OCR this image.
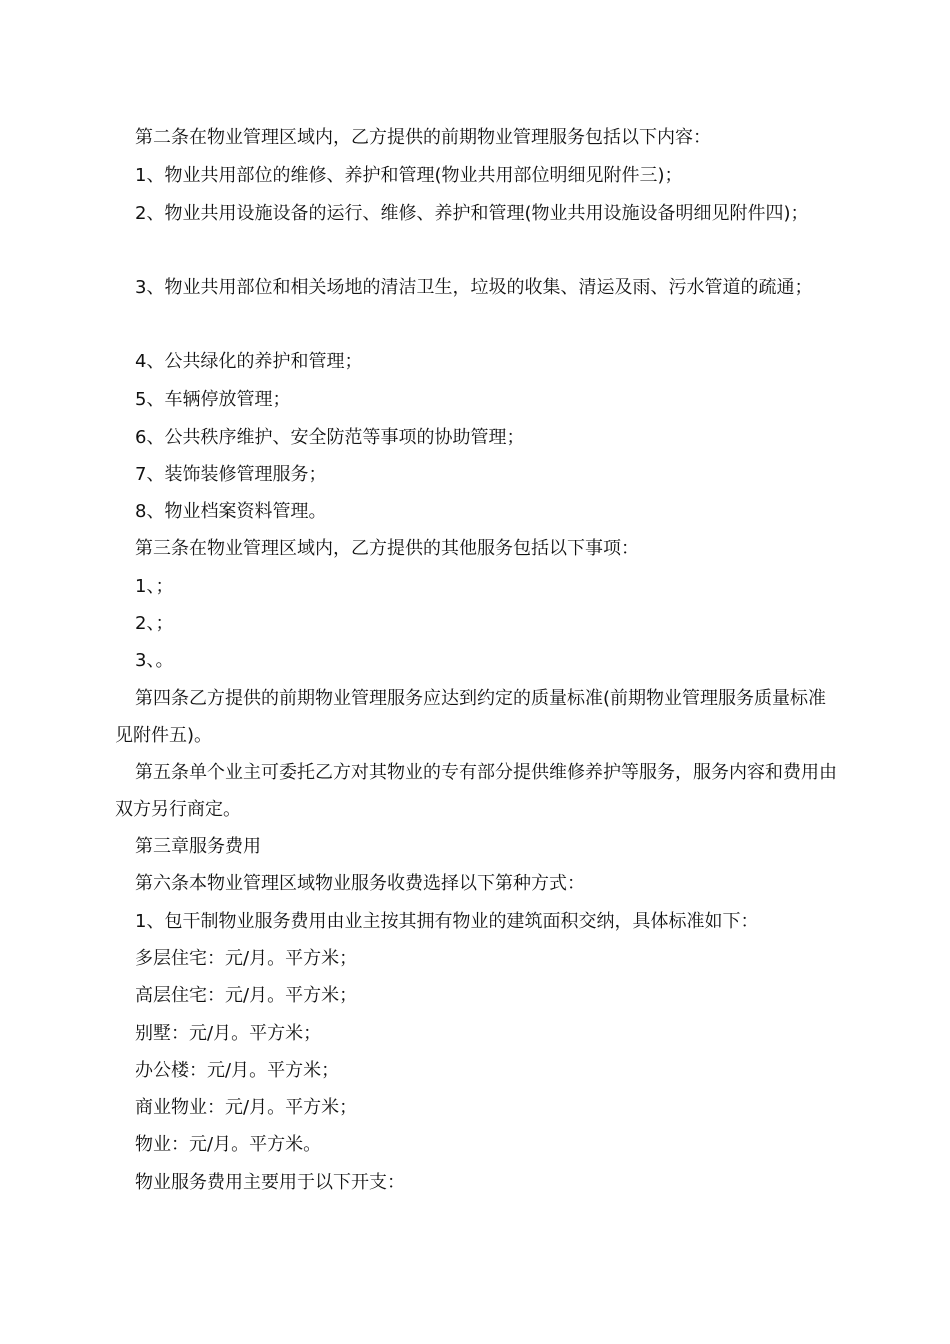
第二条在物业管理区域内，乙方提供的前期物业管理服务包括以下内容：
1、物业共用部位的维修、养护和管理(物业共用部位明细见附件三)；
2、物业共用设施设备的运行、维修、养护和管理(物业共用设施设备明细见附件四)；
3、物业共用部位和相关场地的清洁卫生，垃圾的收集、清运及雨、污水管道的疏通；
4、公共绿化的养护和管理；
5、车辆停放管理；
6、公共秩序维护、安全防范等事项的协助管理；
7、装饰装修管理服务；
8、物业档案资料管理。
第三条在物业管理区域内，乙方提供的其他服务包括以下事项：
1、；
2、；
3、。
第四条乙方提供的前期物业管理服务应达到约定的质量标准(前期物业管理服务质量标准见附件五)。
第五条单个业主可委托乙方对其物业的专有部分提供维修养护等服务，服务内容和费用由双方另行商定。
第三章服务费用
第六条本物业管理区域物业服务收费选择以下第种方式：
1、包干制物业服务费用由业主按其拥有物业的建筑面积交纳，具体标准如下：
多层住宅：元/月。平方米；
高层住宅：元/月。平方米；
别墅：元/月。平方米；
办公楼：元/月。平方米；
商业物业：元/月。平方米；
物业：元/月。平方米。
物业服务费用主要用于以下开支：
